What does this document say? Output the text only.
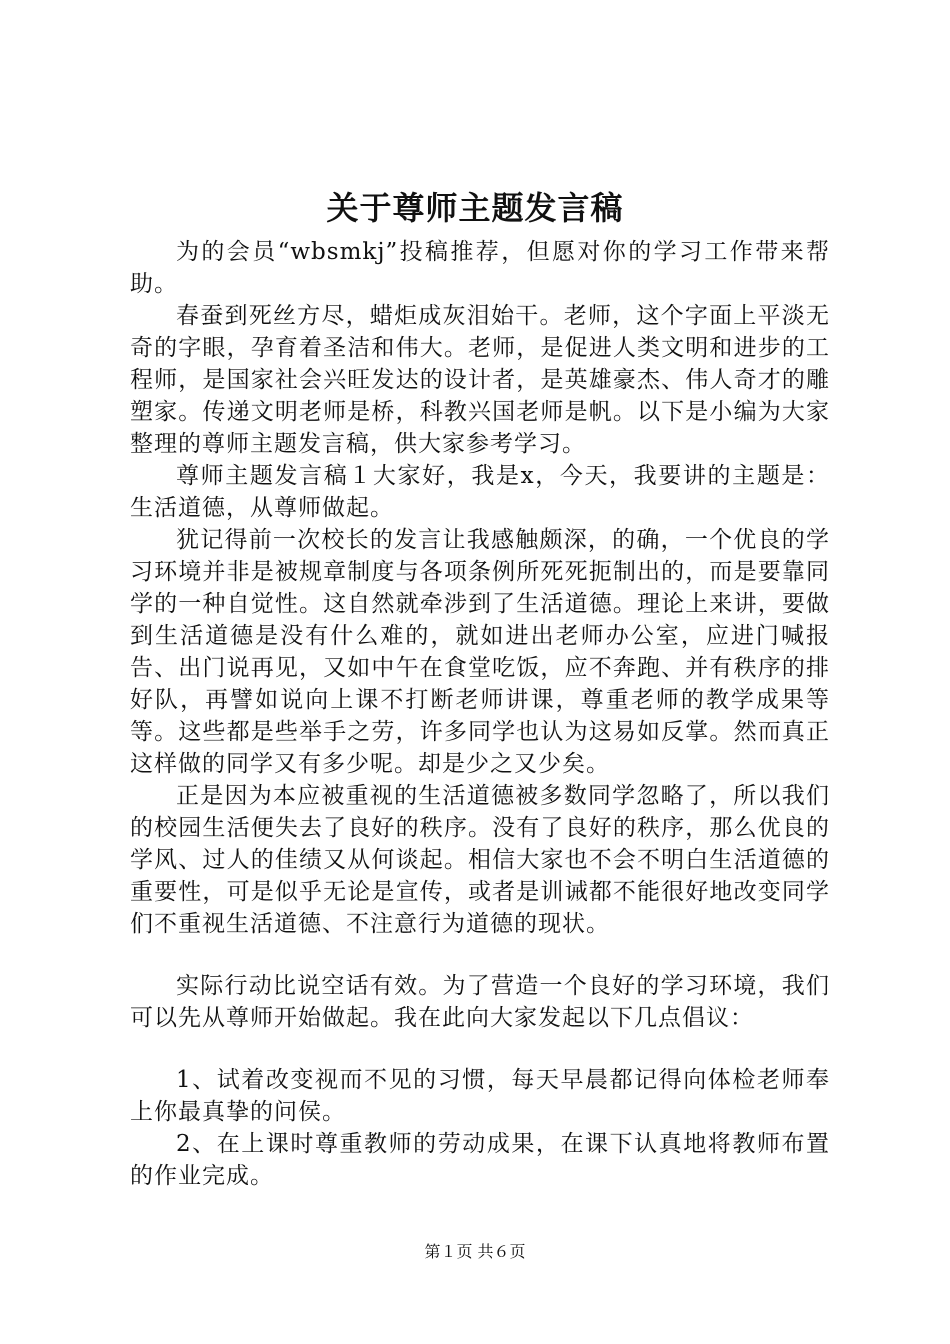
关于尊师主题发言稿

为的会员“wbsmkj”投稿推荐，但愿对你的学习工作带来帮助。

春蚕到死丝方尽，蜡炬成灰泪始干。老师，这个字面上平淡无奇的字眼，孕育着圣洁和伟大。老师，是促进人类文明和进步的工程师，是国家社会兴旺发达的设计者，是英雄豪杰、伟人奇才的雕塑家。传递文明老师是桥，科教兴国老师是帆。以下是小编为大家整理的尊师主题发言稿，供大家参考学习。

尊师主题发言稿１大家好，我是x，今天，我要讲的主题是：生活道德，从尊师做起。

犹记得前一次校长的发言让我感触颇深，的确，一个优良的学习环境并非是被规章制度与各项条例所死死扼制出的，而是要靠同学的一种自觉性。这自然就牵涉到了生活道德。理论上来讲，要做到生活道德是没有什么难的，就如进出老师办公室，应进门喊报告、出门说再见，又如中午在食堂吃饭，应不奔跑、并有秩序的排好队，再譬如说向上课不打断老师讲课，尊重老师的教学成果等等。这些都是些举手之劳，许多同学也认为这易如反掌。然而真正这样做的同学又有多少呢。却是少之又少矣。

正是因为本应被重视的生活道德被多数同学忽略了，所以我们的校园生活便失去了良好的秩序。没有了良好的秩序，那么优良的学风、过人的佳绩又从何谈起。相信大家也不会不明白生活道德的重要性，可是似乎无论是宣传，或者是训诫都不能很好地改变同学们不重视生活道德、不注意行为道德的现状。

实际行动比说空话有效。为了营造一个良好的学习环境，我们可以先从尊师开始做起。我在此向大家发起以下几点倡议：

1、试着改变视而不见的习惯，每天早晨都记得向体检老师奉上你最真挚的问侯。

2、在上课时尊重教师的劳动成果，在课下认真地将教师布置的作业完成。

第１页 共６页
